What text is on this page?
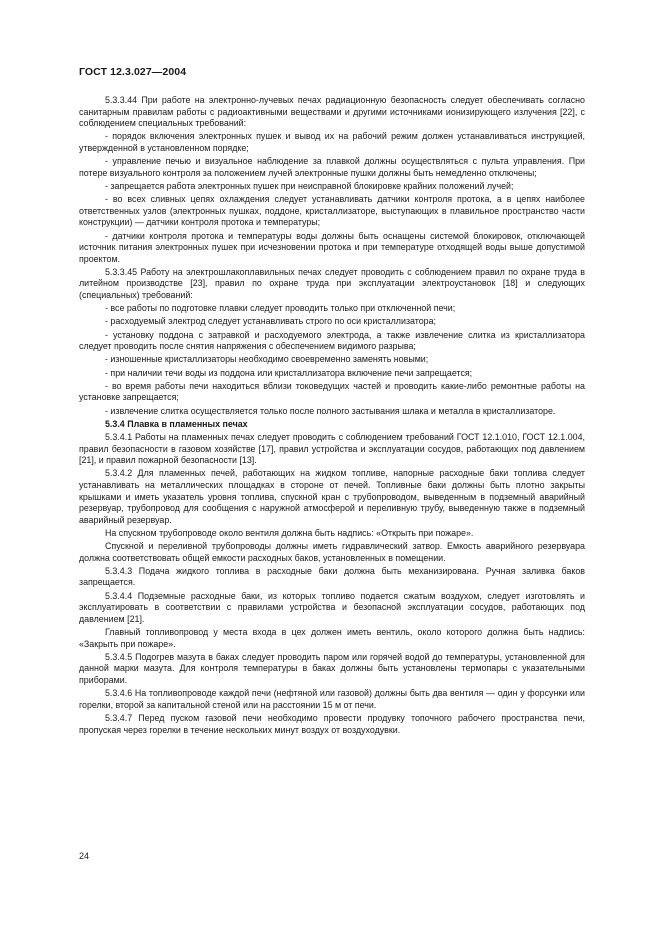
ГОСТ 12.3.027—2004

5.3.3.44 При работе на электронно-лучевых печах радиационную безопасность следует обеспечивать согласно санитарным правилам работы с радиоактивными веществами и другими источниками ионизирующего излучения [22], с соблюдением специальных требований:

- порядок включения электронных пушек и вывод их на рабочий режим должен устанавливаться инструкцией, утвержденной в установленном порядке;

- управление печью и визуальное наблюдение за плавкой должны осуществляться с пульта управления. При потере визуального контроля за положением лучей электронные пушки должны быть немедленно отключены;

- запрещается работа электронных пушек при неисправной блокировке крайних положений лучей;

- во всех сливных цепях охлаждения следует устанавливать датчики контроля протока, а в цепях наиболее ответственных узлов (электронных пушках, поддоне, кристаллизаторе, выступающих в плавильное пространство части конструкции) — датчики контроля протока и температуры;

- датчики контроля протока и температуры воды должны быть оснащены системой блокировок, отключающей источник питания электронных пушек при исчезновении протока и при температуре отходящей воды выше допустимой проектом.

5.3.3.45 Работу на электрошлакоплавильных печах следует проводить с соблюдением правил по охране труда в литейном производстве [23], правил по охране труда при эксплуатации электроустановок [18] и следующих (специальных) требований:

- все работы по подготовке плавки следует проводить только при отключенной печи;

- расходуемый электрод следует устанавливать строго по оси кристаллизатора;

- установку поддона с затравкой и расходуемого электрода, а также извлечение слитка из кристаллизатора следует проводить после снятия напряжения с обеспечением видимого разрыва;

- изношенные кристаллизаторы необходимо своевременно заменять новыми;

- при наличии течи воды из поддона или кристаллизатора включение печи запрещается;

- во время работы печи находиться вблизи токоведущих частей и проводить какие-либо ремонтные работы на установке запрещается;

- извлечение слитка осуществляется только после полного застывания шлака и металла в кристаллизаторе.

5.3.4 Плавка в пламенных печах

5.3.4.1 Работы на пламенных печах следует проводить с соблюдением требований ГОСТ 12.1.010, ГОСТ 12.1.004, правил безопасности в газовом хозяйстве [17], правил устройства и эксплуатации сосудов, работающих под давлением [21], и правил пожарной безопасности [13].

5.3.4.2 Для пламенных печей, работающих на жидком топливе, напорные расходные баки топлива следует устанавливать на металлических площадках в стороне от печей. Топливные баки должны быть плотно закрыты крышками и иметь указатель уровня топлива, спускной кран с трубопроводом, выведенным в подземный аварийный резервуар, трубопровод для сообщения с наружной атмосферой и переливную трубу, выведенную также в подземный аварийный резервуар.

На спускном трубопроводе около вентиля должна быть надпись: «Открыть при пожаре».

Спускной и переливной трубопроводы должны иметь гидравлический затвор. Емкость аварийного резервуара должна соответствовать общей емкости расходных баков, установленных в помещении.

5.3.4.3 Подача жидкого топлива в расходные баки должна быть механизирована. Ручная заливка баков запрещается.

5.3.4.4 Подземные расходные баки, из которых топливо подается сжатым воздухом, следует изготовлять и эксплуатировать в соответствии с правилами устройства и безопасной эксплуатации сосудов, работающих под давлением [21].

Главный топливопровод у места входа в цех должен иметь вентиль, около которого должна быть надпись: «Закрыть при пожаре».

5.3.4.5 Подогрев мазута в баках следует проводить паром или горячей водой до температуры, установленной для данной марки мазута. Для контроля температуры в баках должны быть установлены термопары с указательными приборами.

5.3.4.6 На топливопроводе каждой печи (нефтяной или газовой) должны быть два вентиля — один у форсунки или горелки, второй за капитальной стеной или на расстоянии 15 м от печи.

5.3.4.7 Перед пуском газовой печи необходимо провести продувку топочного рабочего пространства печи, пропуская через горелки в течение нескольких минут воздух от воздуходувки.

24
